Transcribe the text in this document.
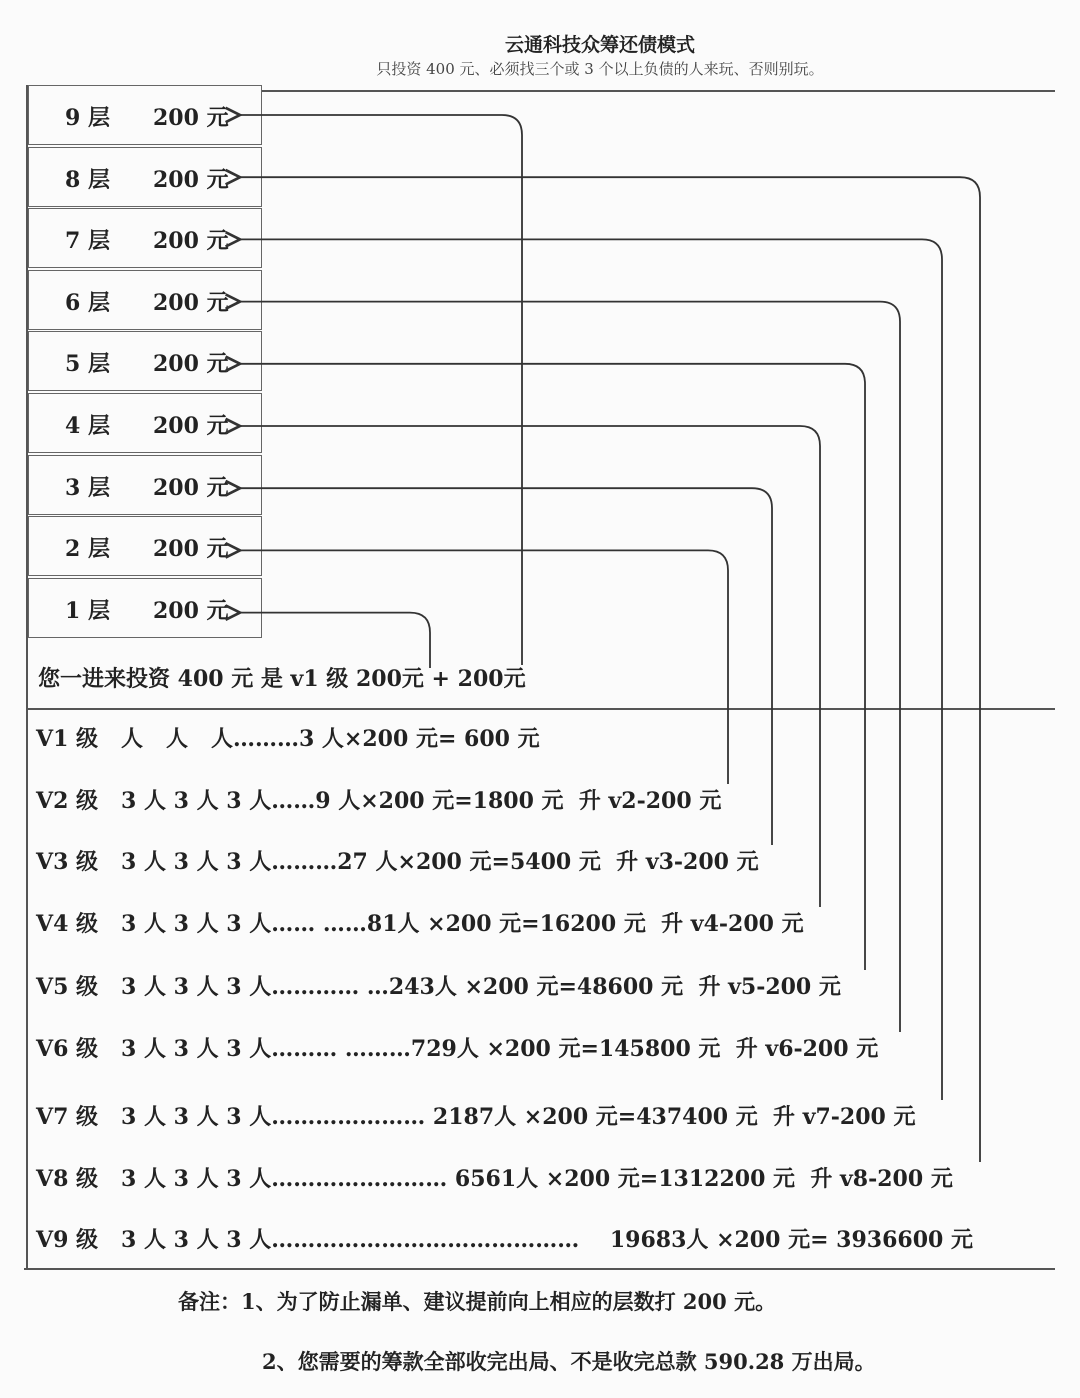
云通科技众筹还债模式
只投资 400 元、必须找三个或 3 个以上负债的人来玩、否则别玩。
9 层 200 元
8 层 200 元
7 层 200 元
6 层 200 元
5 层 200 元
4 层 200 元
3 层 200 元
2 层 200 元
1 层 200 元
您一进来投资 400 元 是 v1 级 200元 + 200元
V1 级   人   人   人………3 人×200 元= 600 元
V2 级   3 人 3 人 3 人……9 人×200 元=1800 元  升 v2-200 元
V3 级   3 人 3 人 3 人………27 人×200 元=5400 元  升 v3-200 元
V4 级   3 人 3 人 3 人…… ……81人 ×200 元=16200 元  升 v4-200 元
V5 级   3 人 3 人 3 人………… …243人 ×200 元=48600 元  升 v5-200 元
V6 级   3 人 3 人 3 人……… ………729人 ×200 元=145800 元  升 v6-200 元
V7 级   3 人 3 人 3 人………………… 2187人 ×200 元=437400 元  升 v7-200 元
V8 级   3 人 3 人 3 人…………………… 6561人 ×200 元=1312200 元  升 v8-200 元
V9 级   3 人 3 人 3 人……………………………………    19683人 ×200 元= 3936600 元
备注：1、为了防止漏单、建议提前向上相应的层数打 200 元。
2、您需要的筹款全部收完出局、不是收完总款 590.28 万出局。
